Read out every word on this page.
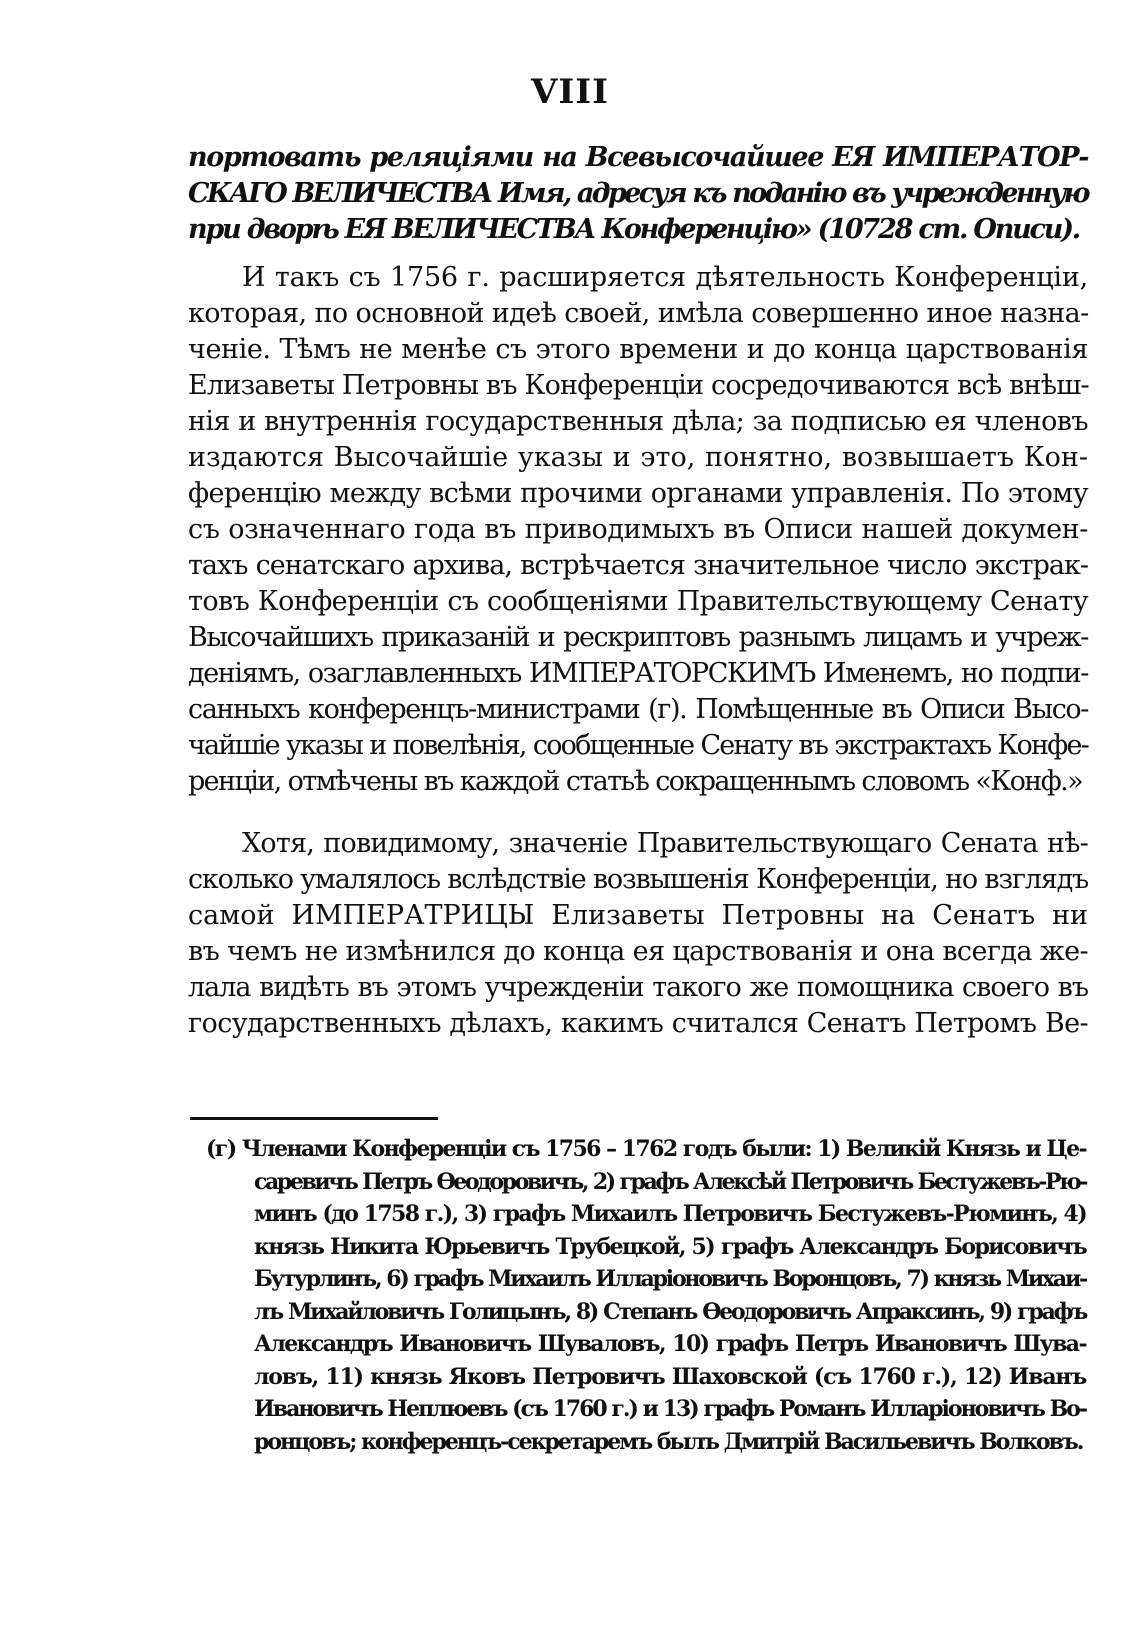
VIII
портовать реляціями на Всевысочайшее ЕЯ ИМПЕРАТОР-
СКАГО ВЕЛИЧЕСТВА Имя, адресуя къ поданію въ учрежденную
при дворѣ ЕЯ ВЕЛИЧЕСТВА Конференцію» (10728 ст. Описи).
И такъ съ 1756 г. расширяется дѣятельность Конференціи,
которая, по основной идеѣ своей, имѣла совершенно иное назна-
ченіе. Тѣмъ не менѣе съ этого времени и до конца царствованія
Елизаветы Петровны въ Конференціи сосредочиваются всѣ внѣш-
нія и внутреннія государственныя дѣла; за подписью ея членовъ
издаются Высочайшіе указы и это, понятно, возвышаетъ Кон-
ференцію между всѣми прочими органами управленія. По этому
съ означеннаго года въ приводимыхъ въ Описи нашей докумен-
тахъ сенатскаго архива, встрѣчается значительное число экстрак-
товъ Конференціи съ сообщеніями Правительствующему Сенату
Высочайшихъ приказаній и рескриптовъ разнымъ лицамъ и учреж-
деніямъ, озаглавленныхъ ИМПЕРАТОРСКИМЪ Именемъ, но подпи-
санныхъ конференцъ-министрами (г). Помѣщенные въ Описи Высо-
чайшіе указы и повелѣнія, сообщенные Сенату въ экстрактахъ Конфе-
ренціи, отмѣчены въ каждой статьѣ сокращеннымъ словомъ «Конф.»
Хотя, повидимому, значеніе Правительствующаго Сената нѣ-
сколько умалялось вслѣдствіе возвышенія Конференціи, но взглядъ
самой ИМПЕРАТРИЦЫ Елизаветы Петровны на Сенатъ ни
въ чемъ не измѣнился до конца ея царствованія и она всегда же-
лала видѣть въ этомъ учрежденіи такого же помощника своего въ
государственныхъ дѣлахъ, какимъ считался Сенатъ Петромъ Ве-
(г) Членами Конференціи съ 1756 – 1762 годъ были: 1) Великій Князь и Це-
саревичъ Петръ Ѳеодоровичъ, 2) графъ Алексѣй Петровичъ Бестужевъ-Рю-
минъ (до 1758 г.), 3) графъ Михаилъ Петровичъ Бестужевъ-Рюминъ, 4)
князь Никита Юрьевичъ Трубецкой, 5) графъ Александръ Борисовичъ
Бутурлинъ, 6) графъ Михаилъ Илларіоновичъ Воронцовъ, 7) князь Михаи-
лъ Михайловичъ Голицынъ, 8) Степанъ Ѳеодоровичъ Апраксинъ, 9) графъ
Александръ Ивановичъ Шуваловъ, 10) графъ Петръ Ивановичъ Шува-
ловъ, 11) князь Яковъ Петровичъ Шаховской (съ 1760 г.), 12) Иванъ
Ивановичъ Неплюевъ (съ 1760 г.) и 13) графъ Романъ Илларіоновичъ Во-
ронцовъ; конференцъ-секретаремъ былъ Дмитрій Васильевичъ Волковъ.
